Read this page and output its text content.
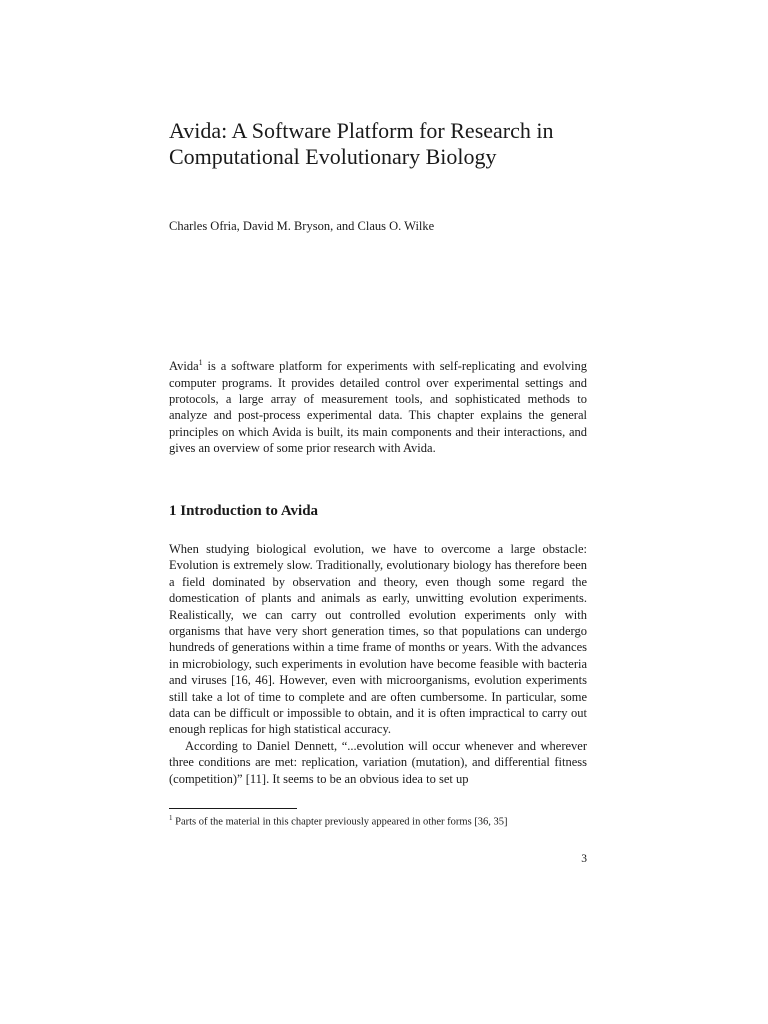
Avida: A Software Platform for Research in Computational Evolutionary Biology

Charles Ofria, David M. Bryson, and Claus O. Wilke

Avida$^1$ is a software platform for experiments with self-replicating and evolving computer programs. It provides detailed control over experimental settings and protocols, a large array of measurement tools, and sophisticated methods to analyze and post-process experimental data. This chapter explains the general principles on which Avida is built, its main components and their interactions, and gives an overview of some prior research with Avida.

1 Introduction to Avida

When studying biological evolution, we have to overcome a large obstacle: Evolution is extremely slow. Traditionally, evolutionary biology has therefore been a field dominated by observation and theory, even though some regard the domestication of plants and animals as early, unwitting evolution experiments. Realistically, we can carry out controlled evolution experiments only with organisms that have very short generation times, so that populations can undergo hundreds of generations within a time frame of months or years. With the advances in microbiology, such experiments in evolution have become feasible with bacteria and viruses [16, 46]. However, even with microorganisms, evolution experiments still take a lot of time to complete and are often cumbersome. In particular, some data can be difficult or impossible to obtain, and it is often impractical to carry out enough replicas for high statistical accuracy.

According to Daniel Dennett, “...evolution will occur whenever and wherever three conditions are met: replication, variation (mutation), and differential fitness (competition)” [11]. It seems to be an obvious idea to set up

$^1$ Parts of the material in this chapter previously appeared in other forms [36, 35]

3
